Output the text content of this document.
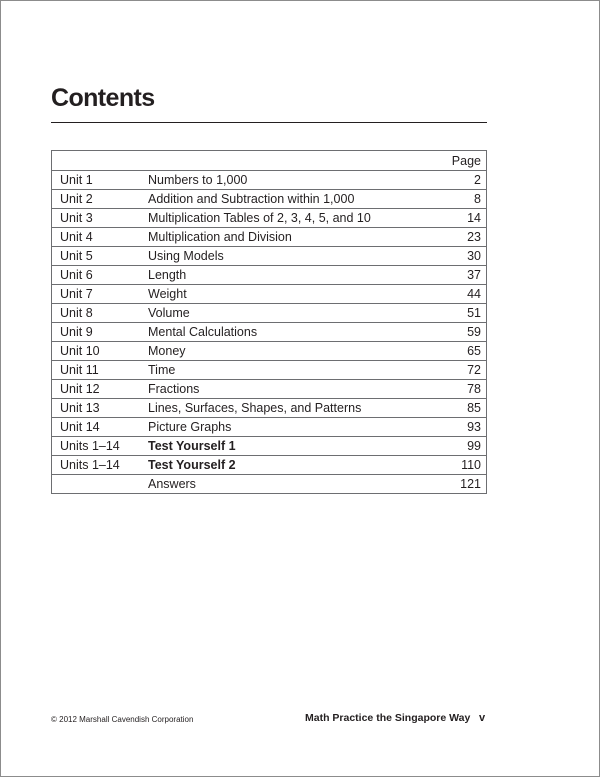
Contents
		Page
Unit 1	Numbers to 1,000	2
Unit 2	Addition and Subtraction within 1,000	8
Unit 3	Multiplication Tables of 2, 3, 4, 5, and 10	14
Unit 4	Multiplication and Division	23
Unit 5	Using Models	30
Unit 6	Length	37
Unit 7	Weight	44
Unit 8	Volume	51
Unit 9	Mental Calculations	59
Unit 10	Money	65
Unit 11	Time	72
Unit 12	Fractions	78
Unit 13	Lines, Surfaces, Shapes, and Patterns	85
Unit 14	Picture Graphs	93
Units 1–14	Test Yourself 1	99
Units 1–14	Test Yourself 2	110
	Answers	121
© 2012 Marshall Cavendish Corporation	Math Practice the Singapore Way v
